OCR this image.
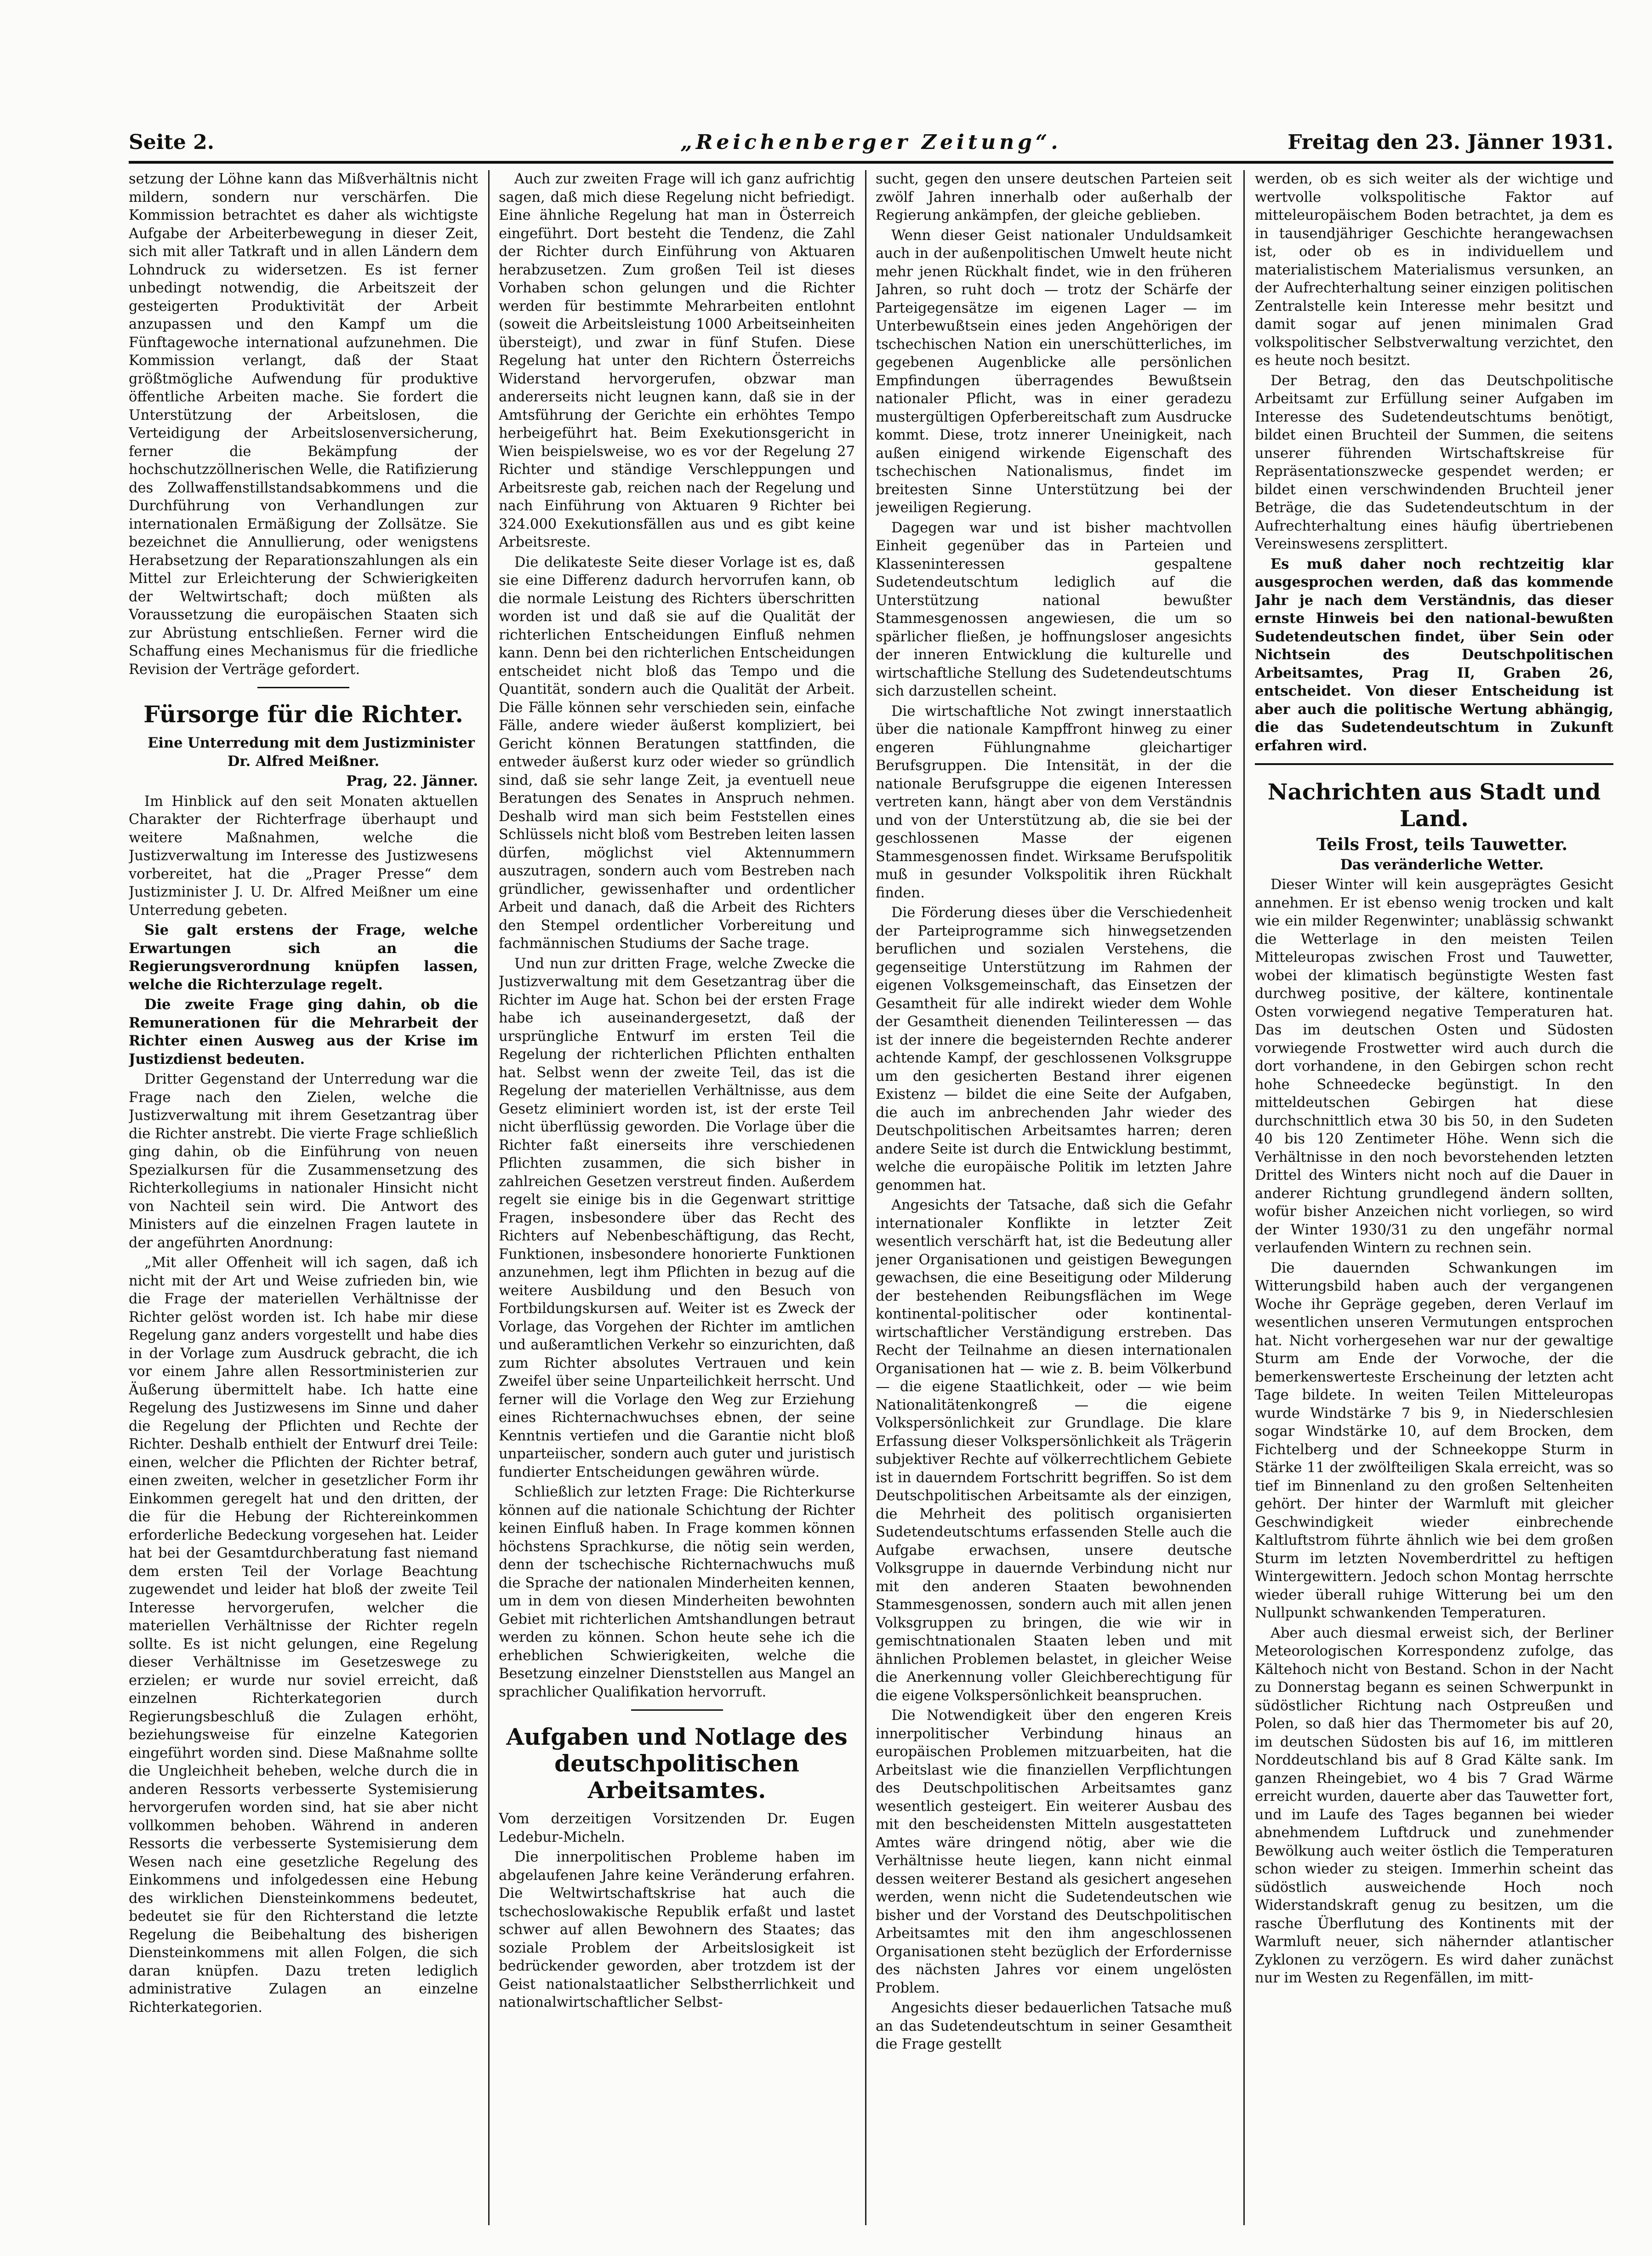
Seite 2.	„Reichenberger Zeitung“.	Freitag den 23. Jänner 1931.

setzung der Löhne kann das Mißverhältnis nicht mildern, sondern nur verschärfen. Die Kommission betrachtet es daher als wichtigste Aufgabe der Arbeiterbewegung in dieser Zeit, sich mit aller Tatkraft und in allen Ländern dem Lohndruck zu widersetzen. Es ist ferner unbedingt notwendig, die Arbeitszeit der gesteigerten Produktivität der Arbeit anzupassen und den Kampf um die Fünftagewoche international aufzunehmen. Die Kommission verlangt, daß der Staat größtmögliche Aufwendung für produktive öffentliche Arbeiten mache. Sie fordert die Unterstützung der Arbeitslosen, die Verteidigung der Arbeitslosenversicherung, ferner die Bekämpfung der hochschutzzöllnerischen Welle, die Ratifizierung des Zollwaffenstillstandsabkommens und die Durchführung von Verhandlungen zur internationalen Ermäßigung der Zollsätze. Sie bezeichnet die Annullierung, oder wenigstens Herabsetzung der Reparationszahlungen als ein Mittel zur Erleichterung der Schwierigkeiten der Weltwirtschaft; doch müßten als Voraussetzung die europäischen Staaten sich zur Abrüstung entschließen. Ferner wird die Schaffung eines Mechanismus für die friedliche Revision der Verträge gefordert.

Fürsorge für die Richter.

Eine Unterredung mit dem Justizminister Dr. Alfred Meißner.

Prag, 22. Jänner.

Im Hinblick auf den seit Monaten aktuellen Charakter der Richterfrage überhaupt und weitere Maßnahmen, welche die Justizverwaltung im Interesse des Justizwesens vorbereitet, hat die „Prager Presse“ dem Justizminister J. U. Dr. Alfred Meißner um eine Unterredung gebeten.

Sie galt erstens der Frage, welche Erwartungen sich an die Regierungsverordnung knüpfen lassen, welche die Richterzulage regelt.

Die zweite Frage ging dahin, ob die Remunerationen für die Mehrarbeit der Richter einen Ausweg aus der Krise im Justizdienst bedeuten.

Dritter Gegenstand der Unterredung war die Frage nach den Zielen, welche die Justizverwaltung mit ihrem Gesetzantrag über die Richter anstrebt. Die vierte Frage schließlich ging dahin, ob die Einführung von neuen Spezialkursen für die Zusammensetzung des Richterkollegiums in nationaler Hinsicht nicht von Nachteil sein wird. Die Antwort des Ministers auf die einzelnen Fragen lautete in der angeführten Anordnung:

„Mit aller Offenheit will ich sagen, daß ich nicht mit der Art und Weise zufrieden bin, wie die Frage der materiellen Verhältnisse der Richter gelöst worden ist. Ich habe mir diese Regelung ganz anders vorgestellt und habe dies in der Vorlage zum Ausdruck gebracht, die ich vor einem Jahre allen Ressortministerien zur Äußerung übermittelt habe. Ich hatte eine Regelung des Justizwesens im Sinne und daher die Regelung der Pflichten und Rechte der Richter. Deshalb enthielt der Entwurf drei Teile: einen, welcher die Pflichten der Richter betraf, einen zweiten, welcher in gesetzlicher Form ihr Einkommen geregelt hat und den dritten, der die für die Hebung der Richtereinkommen erforderliche Bedeckung vorgesehen hat. Leider hat bei der Gesamtdurchberatung fast niemand dem ersten Teil der Vorlage Beachtung zugewendet und leider hat bloß der zweite Teil Interesse hervorgerufen, welcher die materiellen Verhältnisse der Richter regeln sollte. Es ist nicht gelungen, eine Regelung dieser Verhältnisse im Gesetzeswege zu erzielen; er wurde nur soviel erreicht, daß einzelnen Richterkategorien durch Regierungsbeschluß die Zulagen erhöht, beziehungsweise für einzelne Kategorien eingeführt worden sind. Diese Maßnahme sollte die Ungleichheit beheben, welche durch die in anderen Ressorts verbesserte Systemisierung hervorgerufen worden sind, hat sie aber nicht vollkommen behoben. Während in anderen Ressorts die verbesserte Systemisierung dem Wesen nach eine gesetzliche Regelung des Einkommens und infolgedessen eine Hebung des wirklichen Diensteinkommens bedeutet, bedeutet sie für den Richterstand die letzte Regelung die Beibehaltung des bisherigen Diensteinkommens mit allen Folgen, die sich daran knüpfen. Dazu treten lediglich administrative Zulagen an einzelne Richterkategorien.

Auch zur zweiten Frage will ich ganz aufrichtig sagen, daß mich diese Regelung nicht befriedigt. Eine ähnliche Regelung hat man in Österreich eingeführt. Dort besteht die Tendenz, die Zahl der Richter durch Einführung von Aktuaren herabzusetzen. Zum großen Teil ist dieses Vorhaben schon gelungen und die Richter werden für bestimmte Mehrarbeiten entlohnt (soweit die Arbeitsleistung 1000 Arbeitseinheiten übersteigt), und zwar in fünf Stufen. Diese Regelung hat unter den Richtern Österreichs Widerstand hervorgerufen, obzwar man andererseits nicht leugnen kann, daß sie in der Amtsführung der Gerichte ein erhöhtes Tempo herbeigeführt hat. Beim Exekutionsgericht in Wien beispielsweise, wo es vor der Regelung 27 Richter und ständige Verschleppungen und Arbeitsreste gab, reichen nach der Regelung und nach Einführung von Aktuaren 9 Richter bei 324.000 Exekutionsfällen aus und es gibt keine Arbeitsreste.

Die delikateste Seite dieser Vorlage ist es, daß sie eine Differenz dadurch hervorrufen kann, ob die normale Leistung des Richters überschritten worden ist und daß sie auf die Qualität der richterlichen Entscheidungen Einfluß nehmen kann. Denn bei den richterlichen Entscheidungen entscheidet nicht bloß das Tempo und die Quantität, sondern auch die Qualität der Arbeit. Die Fälle können sehr verschieden sein, einfache Fälle, andere wieder äußerst kompliziert, bei Gericht können Beratungen stattfinden, die entweder äußerst kurz oder wieder so gründlich sind, daß sie sehr lange Zeit, ja eventuell neue Beratungen des Senates in Anspruch nehmen. Deshalb wird man sich beim Feststellen eines Schlüssels nicht bloß vom Bestreben leiten lassen dürfen, möglichst viel Aktennummern auszutragen, sondern auch vom Bestreben nach gründlicher, gewissenhafter und ordentlicher Arbeit und danach, daß die Arbeit des Richters den Stempel ordentlicher Vorbereitung und fachmännischen Studiums der Sache trage.

Und nun zur dritten Frage, welche Zwecke die Justizverwaltung mit dem Gesetzantrag über die Richter im Auge hat. Schon bei der ersten Frage habe ich auseinandergesetzt, daß der ursprüngliche Entwurf im ersten Teil die Regelung der richterlichen Pflichten enthalten hat. Selbst wenn der zweite Teil, das ist die Regelung der materiellen Verhältnisse, aus dem Gesetz eliminiert worden ist, ist der erste Teil nicht überflüssig geworden. Die Vorlage über die Richter faßt einerseits ihre verschiedenen Pflichten zusammen, die sich bisher in zahlreichen Gesetzen verstreut finden. Außerdem regelt sie einige bis in die Gegenwart strittige Fragen, insbesondere über das Recht des Richters auf Nebenbeschäftigung, das Recht, Funktionen, insbesondere honorierte Funktionen anzunehmen, legt ihm Pflichten in bezug auf die weitere Ausbildung und den Besuch von Fortbildungskursen auf. Weiter ist es Zweck der Vorlage, das Vorgehen der Richter im amtlichen und außeramtlichen Verkehr so einzurichten, daß zum Richter absolutes Vertrauen und kein Zweifel über seine Unparteilichkeit herrscht. Und ferner will die Vorlage den Weg zur Erziehung eines Richternachwuchses ebnen, der seine Kenntnis vertiefen und die Garantie nicht bloß unparteiischer, sondern auch guter und juristisch fundierter Entscheidungen gewähren würde.

Schließlich zur letzten Frage: Die Richterkurse können auf die nationale Schichtung der Richter keinen Einfluß haben. In Frage kommen können höchstens Sprachkurse, die nötig sein werden, denn der tschechische Richternachwuchs muß die Sprache der nationalen Minderheiten kennen, um in dem von diesen Minderheiten bewohnten Gebiet mit richterlichen Amtshandlungen betraut werden zu können. Schon heute sehe ich die erheblichen Schwierigkeiten, welche die Besetzung einzelner Dienststellen aus Mangel an sprachlicher Qualifikation hervorruft.

Aufgaben und Notlage des deutschpolitischen Arbeitsamtes.

Vom derzeitigen Vorsitzenden Dr. Eugen Ledebur-Micheln.

Die innerpolitischen Probleme haben im abgelaufenen Jahre keine Veränderung erfahren. Die Weltwirtschaftskrise hat auch die tschechoslowakische Republik erfaßt und lastet schwer auf allen Bewohnern des Staates; das soziale Problem der Arbeitslosigkeit ist bedrückender geworden, aber trotzdem ist der Geist nationalstaatlicher Selbstherrlichkeit und nationalwirtschaftlicher Selbst-

sucht, gegen den unsere deutschen Parteien seit zwölf Jahren innerhalb oder außerhalb der Regierung ankämpfen, der gleiche geblieben.

Wenn dieser Geist nationaler Unduldsamkeit auch in der außenpolitischen Umwelt heute nicht mehr jenen Rückhalt findet, wie in den früheren Jahren, so ruht doch — trotz der Schärfe der Parteigegensätze im eigenen Lager — im Unterbewußtsein eines jeden Angehörigen der tschechischen Nation ein unerschütterliches, im gegebenen Augenblicke alle persönlichen Empfindungen überragendes Bewußtsein nationaler Pflicht, was in einer geradezu mustergültigen Opferbereitschaft zum Ausdrucke kommt. Diese, trotz innerer Uneinigkeit, nach außen einigend wirkende Eigenschaft des tschechischen Nationalismus, findet im breitesten Sinne Unterstützung bei der jeweiligen Regierung.

Dagegen war und ist bisher machtvollen Einheit gegenüber das in Parteien und Klasseninteressen gespaltene Sudetendeutschtum lediglich auf die Unterstützung national bewußter Stammesgenossen angewiesen, die um so spärlicher fließen, je hoffnungsloser angesichts der inneren Entwicklung die kulturelle und wirtschaftliche Stellung des Sudetendeutschtums sich darzustellen scheint.

Die wirtschaftliche Not zwingt innerstaatlich über die nationale Kampffront hinweg zu einer engeren Fühlungnahme gleichartiger Berufsgruppen. Die Intensität, in der die nationale Berufsgruppe die eigenen Interessen vertreten kann, hängt aber von dem Verständnis und von der Unterstützung ab, die sie bei der geschlossenen Masse der eigenen Stammesgenossen findet. Wirksame Berufspolitik muß in gesunder Volkspolitik ihren Rückhalt finden.

Die Förderung dieses über die Verschiedenheit der Parteiprogramme sich hinwegsetzenden beruflichen und sozialen Verstehens, die gegenseitige Unterstützung im Rahmen der eigenen Volksgemeinschaft, das Einsetzen der Gesamtheit für alle indirekt wieder dem Wohle der Gesamtheit dienenden Teilinteressen — das ist der innere die begeisternden Rechte anderer achtende Kampf, der geschlossenen Volksgruppe um den gesicherten Bestand ihrer eigenen Existenz — bildet die eine Seite der Aufgaben, die auch im anbrechenden Jahr wieder des Deutschpolitischen Arbeitsamtes harren; deren andere Seite ist durch die Entwicklung bestimmt, welche die europäische Politik im letzten Jahre genommen hat.

Angesichts der Tatsache, daß sich die Gefahr internationaler Konflikte in letzter Zeit wesentlich verschärft hat, ist die Bedeutung aller jener Organisationen und geistigen Bewegungen gewachsen, die eine Beseitigung oder Milderung der bestehenden Reibungsflächen im Wege kontinental-politischer oder kontinental-wirtschaftlicher Verständigung erstreben. Das Recht der Teilnahme an diesen internationalen Organisationen hat — wie z. B. beim Völkerbund — die eigene Staatlichkeit, oder — wie beim Nationalitätenkongreß — die eigene Volkspersönlichkeit zur Grundlage. Die klare Erfassung dieser Volkspersönlichkeit als Trägerin subjektiver Rechte auf völkerrechtlichem Gebiete ist in dauerndem Fortschritt begriffen. So ist dem Deutschpolitischen Arbeitsamte als der einzigen, die Mehrheit des politisch organisierten Sudetendeutschtums erfassenden Stelle auch die Aufgabe erwachsen, unsere deutsche Volksgruppe in dauernde Verbindung nicht nur mit den anderen Staaten bewohnenden Stammesgenossen, sondern auch mit allen jenen Volksgruppen zu bringen, die wie wir in gemischtnationalen Staaten leben und mit ähnlichen Problemen belastet, in gleicher Weise die Anerkennung voller Gleichberechtigung für die eigene Volkspersönlichkeit beanspruchen.

Die Notwendigkeit über den engeren Kreis innerpolitischer Verbindung hinaus an europäischen Problemen mitzuarbeiten, hat die Arbeitslast wie die finanziellen Verpflichtungen des Deutschpolitischen Arbeitsamtes ganz wesentlich gesteigert. Ein weiterer Ausbau des mit den bescheidensten Mitteln ausgestatteten Amtes wäre dringend nötig, aber wie die Verhältnisse heute liegen, kann nicht einmal dessen weiterer Bestand als gesichert angesehen werden, wenn nicht die Sudetendeutschen wie bisher und der Vorstand des Deutschpolitischen Arbeitsamtes mit den ihm angeschlossenen Organisationen steht bezüglich der Erfordernisse des nächsten Jahres vor einem ungelösten Problem.

Angesichts dieser bedauerlichen Tatsache muß an das Sudetendeutschtum in seiner Gesamtheit die Frage gestellt

werden, ob es sich weiter als der wichtige und wertvolle volkspolitische Faktor auf mitteleuropäischem Boden betrachtet, ja dem es in tausendjähriger Geschichte herangewachsen ist, oder ob es in individuellem und materialistischem Materialismus versunken, an der Aufrechterhaltung seiner einzigen politischen Zentralstelle kein Interesse mehr besitzt und damit sogar auf jenen minimalen Grad volkspolitischer Selbstverwaltung verzichtet, den es heute noch besitzt.

Der Betrag, den das Deutschpolitische Arbeitsamt zur Erfüllung seiner Aufgaben im Interesse des Sudetendeutschtums benötigt, bildet einen Bruchteil der Summen, die seitens unserer führenden Wirtschaftskreise für Repräsentationszwecke gespendet werden; er bildet einen verschwindenden Bruchteil jener Beträge, die das Sudetendeutschtum in der Aufrechterhaltung eines häufig übertriebenen Vereinswesens zersplittert.

Es muß daher noch rechtzeitig klar ausgesprochen werden, daß das kommende Jahr je nach dem Verständnis, das dieser ernste Hinweis bei den national-bewußten Sudetendeutschen findet, über Sein oder Nichtsein des Deutschpolitischen Arbeitsamtes, Prag II, Graben 26, entscheidet. Von dieser Entscheidung ist aber auch die politische Wertung abhängig, die das Sudetendeutschtum in Zukunft erfahren wird.

Nachrichten aus Stadt und Land.

Teils Frost, teils Tauwetter.

Das veränderliche Wetter.

Dieser Winter will kein ausgeprägtes Gesicht annehmen. Er ist ebenso wenig trocken und kalt wie ein milder Regenwinter; unablässig schwankt die Wetterlage in den meisten Teilen Mitteleuropas zwischen Frost und Tauwetter, wobei der klimatisch begünstigte Westen fast durchweg positive, der kältere, kontinentale Osten vorwiegend negative Temperaturen hat. Das im deutschen Osten und Südosten vorwiegende Frostwetter wird auch durch die dort vorhandene, in den Gebirgen schon recht hohe Schneedecke begünstigt. In den mitteldeutschen Gebirgen hat diese durchschnittlich etwa 30 bis 50, in den Sudeten 40 bis 120 Zentimeter Höhe. Wenn sich die Verhältnisse in den noch bevorstehenden letzten Drittel des Winters nicht noch auf die Dauer in anderer Richtung grundlegend ändern sollten, wofür bisher Anzeichen nicht vorliegen, so wird der Winter 1930/31 zu den ungefähr normal verlaufenden Wintern zu rechnen sein.

Die dauernden Schwankungen im Witterungsbild haben auch der vergangenen Woche ihr Gepräge gegeben, deren Verlauf im wesentlichen unseren Vermutungen entsprochen hat. Nicht vorhergesehen war nur der gewaltige Sturm am Ende der Vorwoche, der die bemerkenswerteste Erscheinung der letzten acht Tage bildete. In weiten Teilen Mitteleuropas wurde Windstärke 7 bis 9, in Niederschlesien sogar Windstärke 10, auf dem Brocken, dem Fichtelberg und der Schneekoppe Sturm in Stärke 11 der zwölfteiligen Skala erreicht, was so tief im Binnenland zu den großen Seltenheiten gehört. Der hinter der Warmluft mit gleicher Geschwindigkeit wieder einbrechende Kaltluftstrom führte ähnlich wie bei dem großen Sturm im letzten Novemberdrittel zu heftigen Wintergewittern. Jedoch schon Montag herrschte wieder überall ruhige Witterung bei um den Nullpunkt schwankenden Temperaturen.

Aber auch diesmal erweist sich, der Berliner Meteorologischen Korrespondenz zufolge, das Kältehoch nicht von Bestand. Schon in der Nacht zu Donnerstag begann es seinen Schwerpunkt in südöstlicher Richtung nach Ostpreußen und Polen, so daß hier das Thermometer bis auf 20, im deutschen Südosten bis auf 16, im mittleren Norddeutschland bis auf 8 Grad Kälte sank. Im ganzen Rheingebiet, wo 4 bis 7 Grad Wärme erreicht wurden, dauerte aber das Tauwetter fort, und im Laufe des Tages begannen bei wieder abnehmendem Luftdruck und zunehmender Bewölkung auch weiter östlich die Temperaturen schon wieder zu steigen. Immerhin scheint das südöstlich ausweichende Hoch noch Widerstandskraft genug zu besitzen, um die rasche Überflutung des Kontinents mit der Warmluft neuer, sich nähernder atlantischer Zyklonen zu verzögern. Es wird daher zunächst nur im Westen zu Regenfällen, im mitt-
